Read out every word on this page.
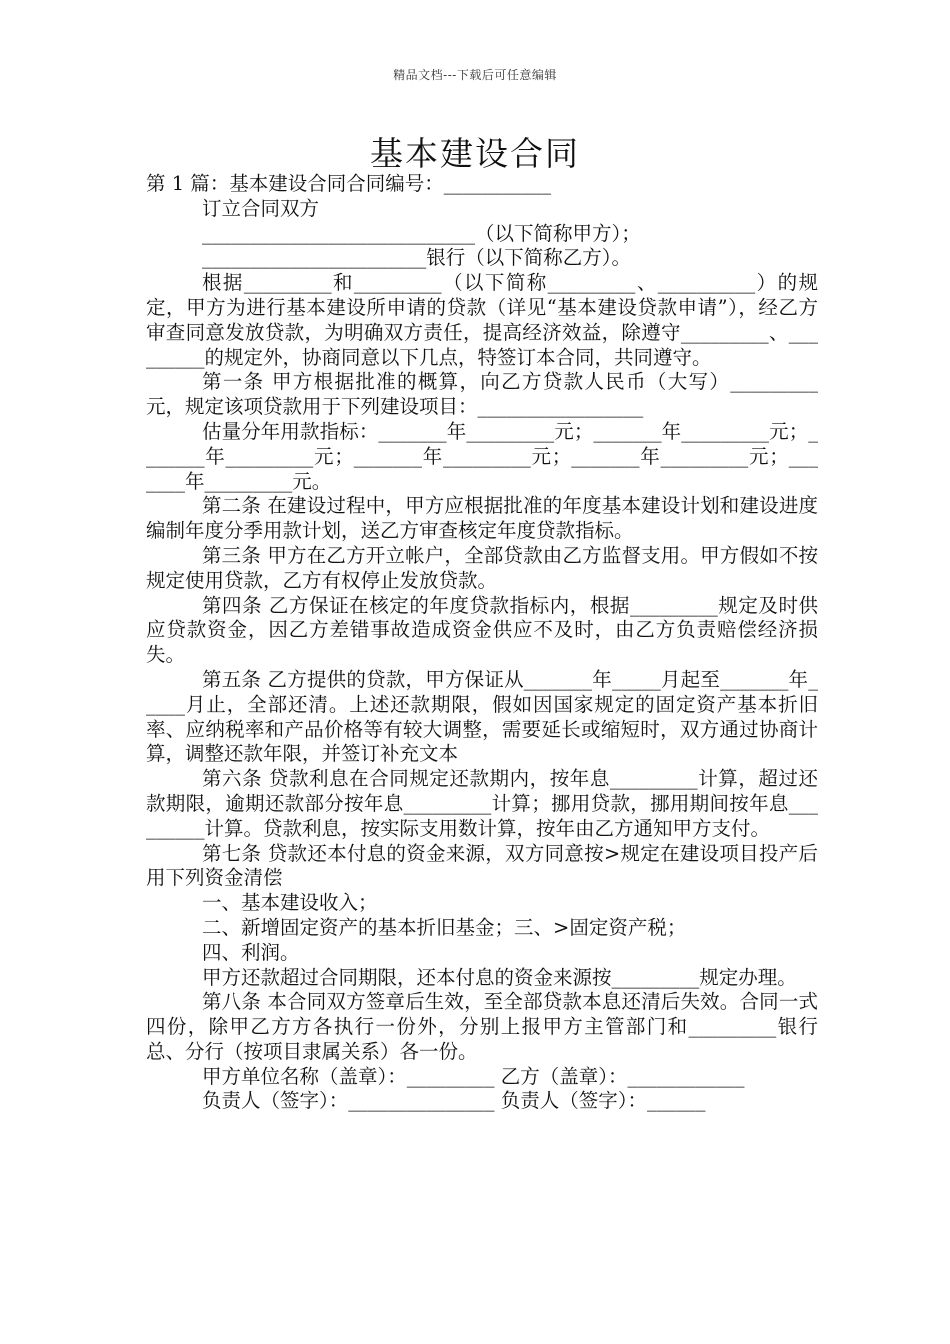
精品文档---下载后可任意编辑
基本建设合同

第 1 篇：基本建设合同合同编号：___________

订立合同双方

____________________________（以下简称甲方）；

_______________________银行（以下简称乙方）。

根据_________和_________（以下简称_________、__________）的规定，甲方为进行基本建设所申请的贷款（详见“基本建设贷款申请”），经乙方审查同意发放贷款，为明确双方责任，提高经济效益，除遵守_________、_________的规定外，协商同意以下几点，特签订本合同，共同遵守。

第一条 甲方根据批准的概算，向乙方贷款人民币（大写）_________元，规定该项贷款用于下列建设项目：_________________

估量分年用款指标：_______年_________元；_______年_________元；_______年_________元；_______年_________元；_______年_________元；_______年_________元。

第二条 在建设过程中，甲方应根据批准的年度基本建设计划和建设进度编制年度分季用款计划，送乙方审查核定年度贷款指标。

第三条 甲方在乙方开立帐户，全部贷款由乙方监督支用。甲方假如不按规定使用贷款，乙方有权停止发放贷款。

第四条 乙方保证在核定的年度贷款指标内，根据_________规定及时供应贷款资金，因乙方差错事故造成资金供应不及时，由乙方负责赔偿经济损失。

第五条 乙方提供的贷款，甲方保证从_______年_____月起至_______年_____月止，全部还清。上述还款期限，假如因国家规定的固定资产基本折旧率、应纳税率和产品价格等有较大调整，需要延长或缩短时，双方通过协商计算，调整还款年限，并签订补充文本

第六条 贷款利息在合同规定还款期内，按年息_________计算，超过还款期限，逾期还款部分按年息_________计算；挪用贷款，挪用期间按年息_________计算。贷款利息，按实际支用数计算，按年由乙方通知甲方支付。

第七条 贷款还本付息的资金来源，双方同意按>规定在建设项目投产后用下列资金清偿

一、基本建设收入；

二、新增固定资产的基本折旧基金；三、>固定资产税；

四、利润。

甲方还款超过合同期限，还本付息的资金来源按_________规定办理。

第八条 本合同双方签章后生效，至全部贷款本息还清后失效。合同一式四份，除甲乙方方各执行一份外，分别上报甲方主管部门和_________银行总、分行（按项目隶属关系）各一份。

甲方单位名称（盖章）：_________ 乙方（盖章）：____________

负责人（签字）：_______________ 负责人（签字）：______
